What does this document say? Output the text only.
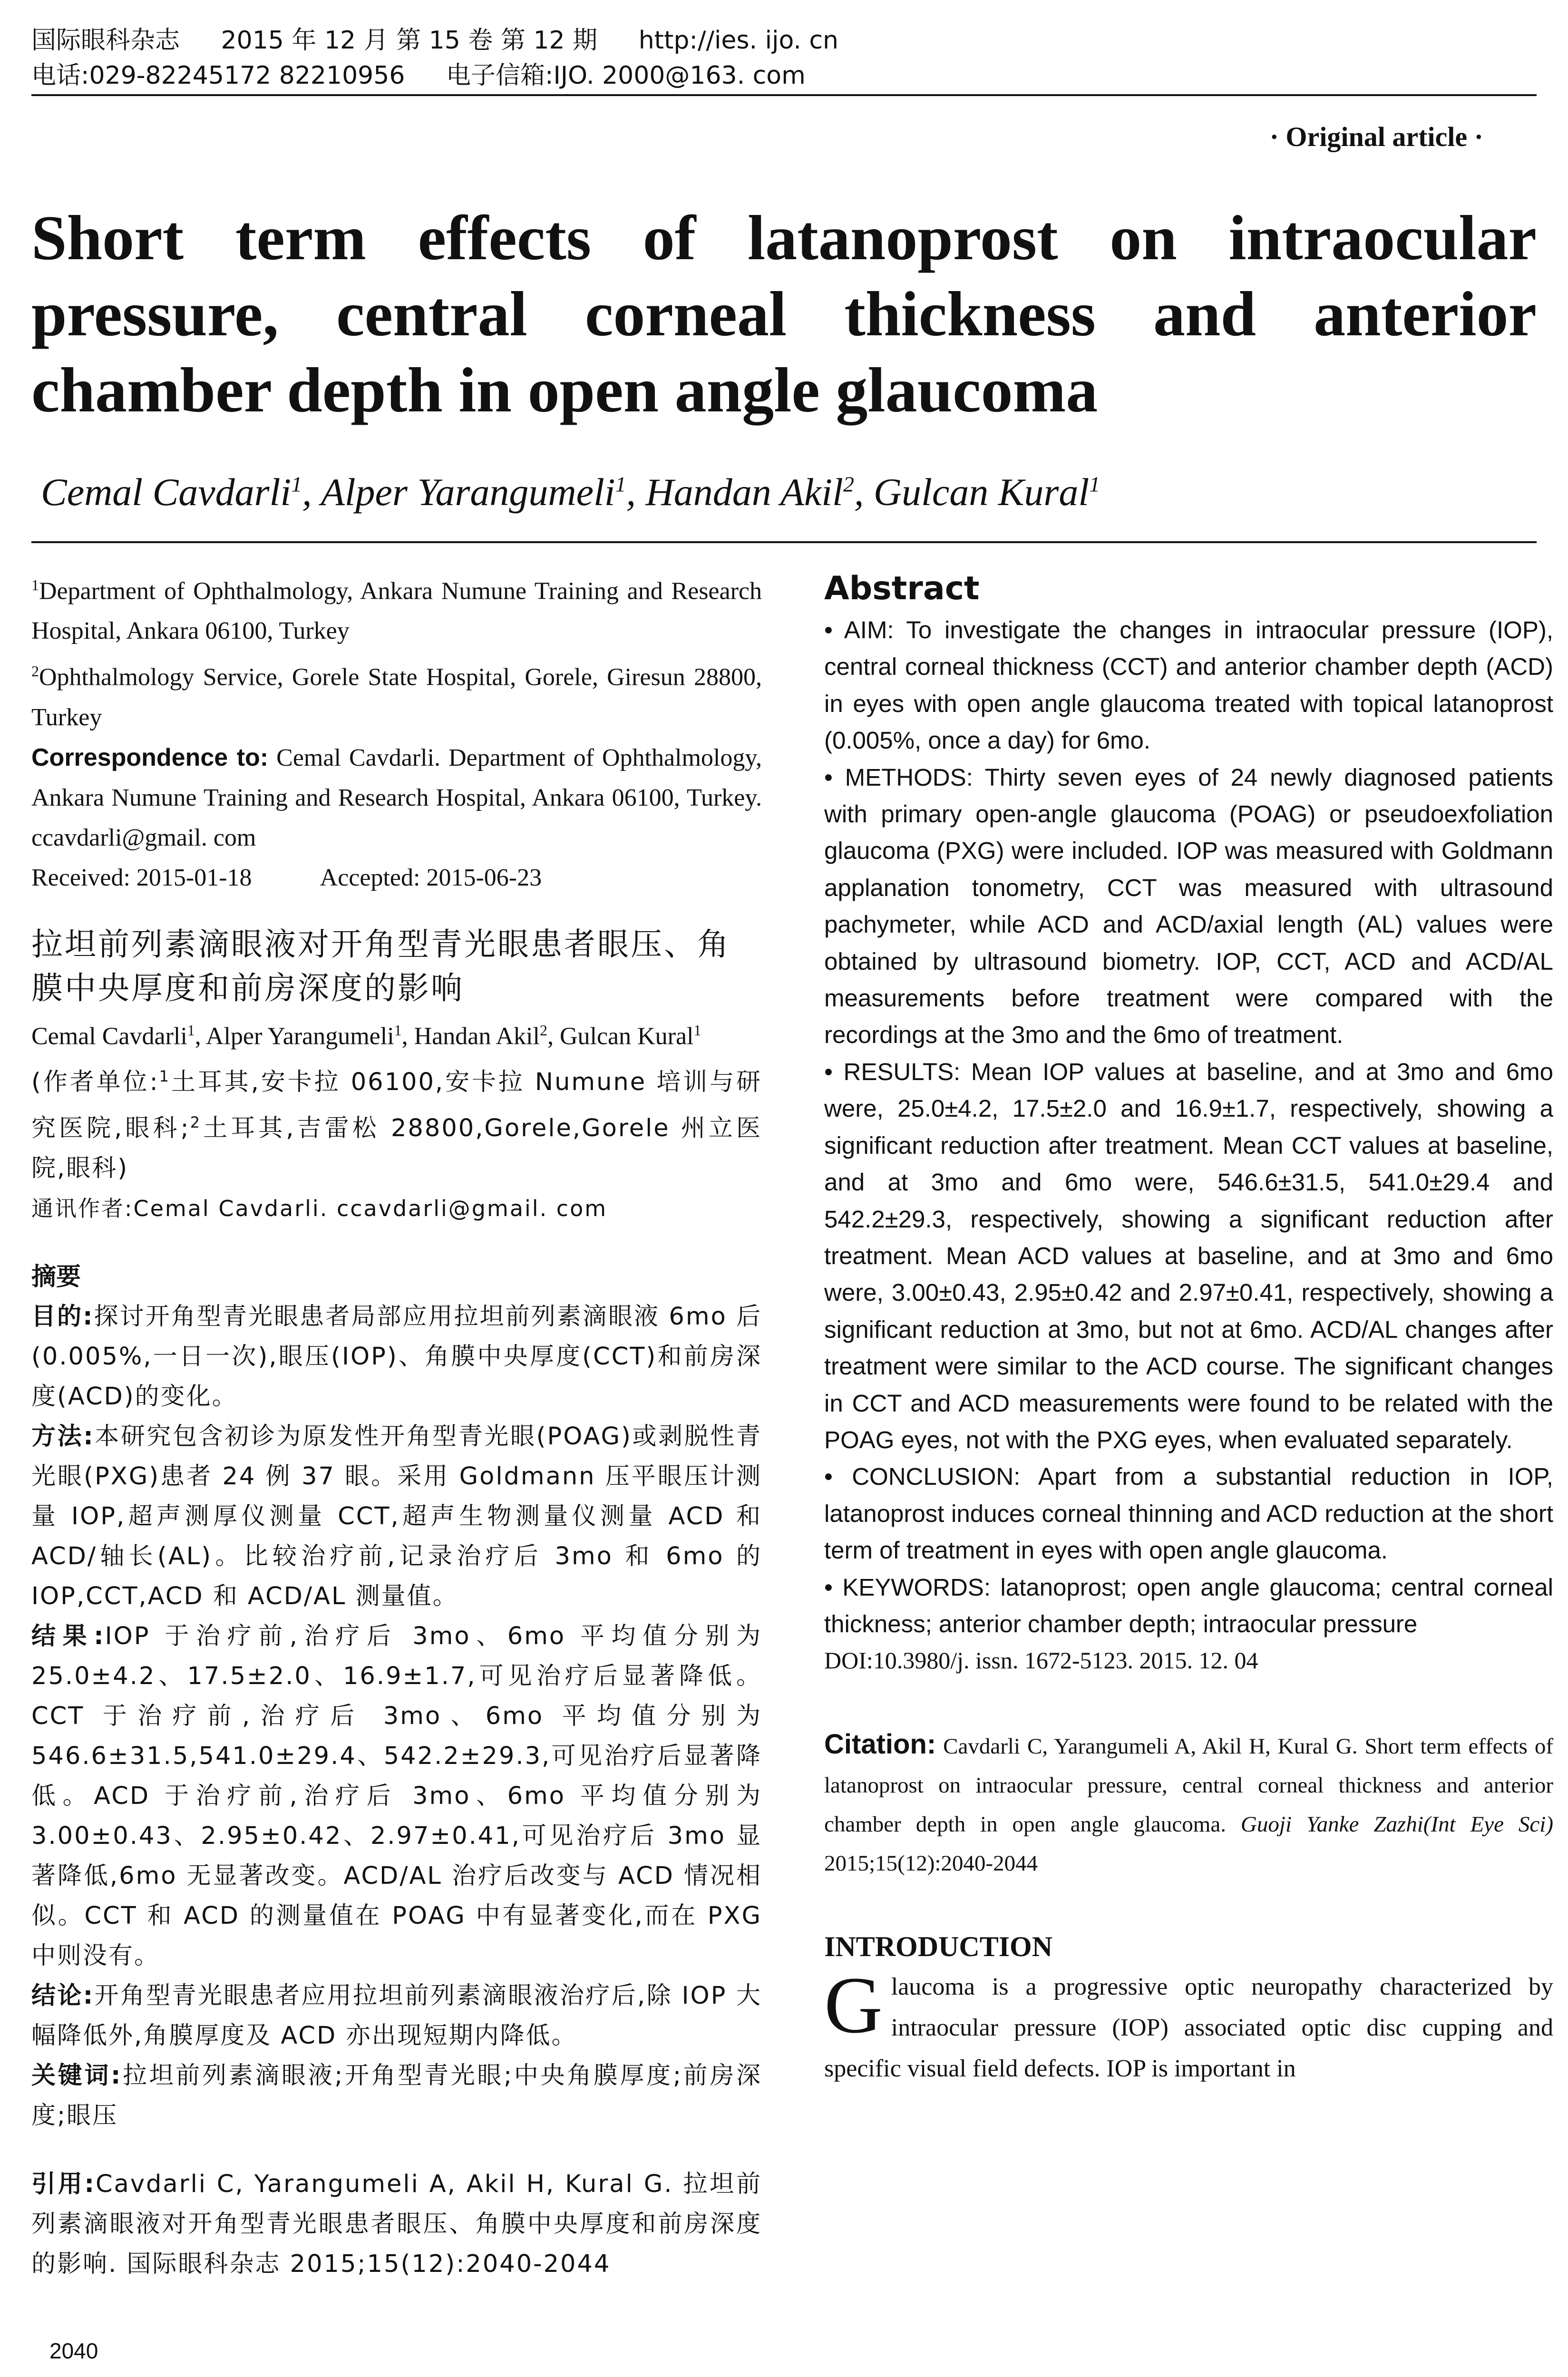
国际眼科杂志 2015 年 12 月 第 15 卷 第 12 期 http://ies. ijo. cn
电话:029-82245172 82210956 电子信箱:IJO. 2000@163. com
· Original article ·
Short term effects of latanoprost on intraocular pressure, central corneal thickness and anterior chamber depth in open angle glaucoma
Cemal Cavdarli$^1$, Alper Yarangumeli$^1$, Handan Akil$^2$, Gulcan Kural$^1$
$^1$Department of Ophthalmology, Ankara Numune Training and Research Hospital, Ankara 06100, Turkey
$^2$Ophthalmology Service, Gorele State Hospital, Gorele, Giresun 28800, Turkey
Correspondence to: Cemal Cavdarli. Department of Ophthalmology, Ankara Numune Training and Research Hospital, Ankara 06100, Turkey. ccavdarli@gmail. com
Received: 2015-01-18	Accepted: 2015-06-23
拉坦前列素滴眼液对开角型青光眼患者眼压、角膜中央厚度和前房深度的影响
Cemal Cavdarli$^1$, Alper Yarangumeli$^1$, Handan Akil$^2$, Gulcan Kural$^1$
(作者单位:$^1$土耳其,安卡拉 06100,安卡拉 Numune 培训与研究医院,眼科;$^2$土耳其,吉雷松 28800,Gorele,Gorele 州立医院,眼科)
通讯作者:Cemal Cavdarli. ccavdarli@gmail. com
摘要
目的:探讨开角型青光眼患者局部应用拉坦前列素滴眼液 6mo 后(0.005%,一日一次),眼压(IOP)、角膜中央厚度(CCT)和前房深度(ACD)的变化。
方法:本研究包含初诊为原发性开角型青光眼(POAG)或剥脱性青光眼(PXG)患者 24 例 37 眼。采用 Goldmann 压平眼压计测量 IOP,超声测厚仪测量 CCT,超声生物测量仪测量 ACD 和 ACD/轴长(AL)。比较治疗前,记录治疗后 3mo 和 6mo 的 IOP,CCT,ACD 和 ACD/AL 测量值。
结果:IOP 于治疗前,治疗后 3mo、6mo 平均值分别为 25.0±4.2、17.5±2.0、16.9±1.7,可见治疗后显著降低。CCT 于治疗前,治疗后 3mo、6mo 平均值分别为 546.6±31.5,541.0±29.4、542.2±29.3,可见治疗后显著降低。ACD 于治疗前,治疗后 3mo、6mo 平均值分别为 3.00±0.43、2.95±0.42、2.97±0.41,可见治疗后 3mo 显著降低,6mo 无显著改变。ACD/AL 治疗后改变与 ACD 情况相似。CCT 和 ACD 的测量值在 POAG 中有显著变化,而在 PXG 中则没有。
结论:开角型青光眼患者应用拉坦前列素滴眼液治疗后,除 IOP 大幅降低外,角膜厚度及 ACD 亦出现短期内降低。
关键词:拉坦前列素滴眼液;开角型青光眼;中央角膜厚度;前房深度;眼压
引用:Cavdarli C, Yarangumeli A, Akil H, Kural G. 拉坦前列素滴眼液对开角型青光眼患者眼压、角膜中央厚度和前房深度的影响. 国际眼科杂志 2015;15(12):2040-2044
Abstract
• AIM: To investigate the changes in intraocular pressure (IOP), central corneal thickness (CCT) and anterior chamber depth (ACD) in eyes with open angle glaucoma treated with topical latanoprost (0.005%, once a day) for 6mo.
• METHODS: Thirty seven eyes of 24 newly diagnosed patients with primary open-angle glaucoma (POAG) or pseudoexfoliation glaucoma (PXG) were included. IOP was measured with Goldmann applanation tonometry, CCT was measured with ultrasound pachymeter, while ACD and ACD/axial length (AL) values were obtained by ultrasound biometry. IOP, CCT, ACD and ACD/AL measurements before treatment were compared with the recordings at the 3mo and the 6mo of treatment.
• RESULTS: Mean IOP values at baseline, and at 3mo and 6mo were, 25.0±4.2, 17.5±2.0 and 16.9±1.7, respectively, showing a significant reduction after treatment. Mean CCT values at baseline, and at 3mo and 6mo were, 546.6±31.5, 541.0±29.4 and 542.2±29.3, respectively, showing a significant reduction after treatment. Mean ACD values at baseline, and at 3mo and 6mo were, 3.00±0.43, 2.95±0.42 and 2.97±0.41, respectively, showing a significant reduction at 3mo, but not at 6mo. ACD/AL changes after treatment were similar to the ACD course. The significant changes in CCT and ACD measurements were found to be related with the POAG eyes, not with the PXG eyes, when evaluated separately.
• CONCLUSION: Apart from a substantial reduction in IOP, latanoprost induces corneal thinning and ACD reduction at the short term of treatment in eyes with open angle glaucoma.
• KEYWORDS: latanoprost; open angle glaucoma; central corneal thickness; anterior chamber depth; intraocular pressure
DOI:10.3980/j. issn. 1672-5123. 2015. 12. 04
Citation: Cavdarli C, Yarangumeli A, Akil H, Kural G. Short term effects of latanoprost on intraocular pressure, central corneal thickness and anterior chamber depth in open angle glaucoma. Guoji Yanke Zazhi(Int Eye Sci) 2015;15(12):2040-2044
INTRODUCTION
Glaucoma is a progressive optic neuropathy characterized by intraocular pressure (IOP) associated optic disc cupping and specific visual field defects. IOP is important in
2040
